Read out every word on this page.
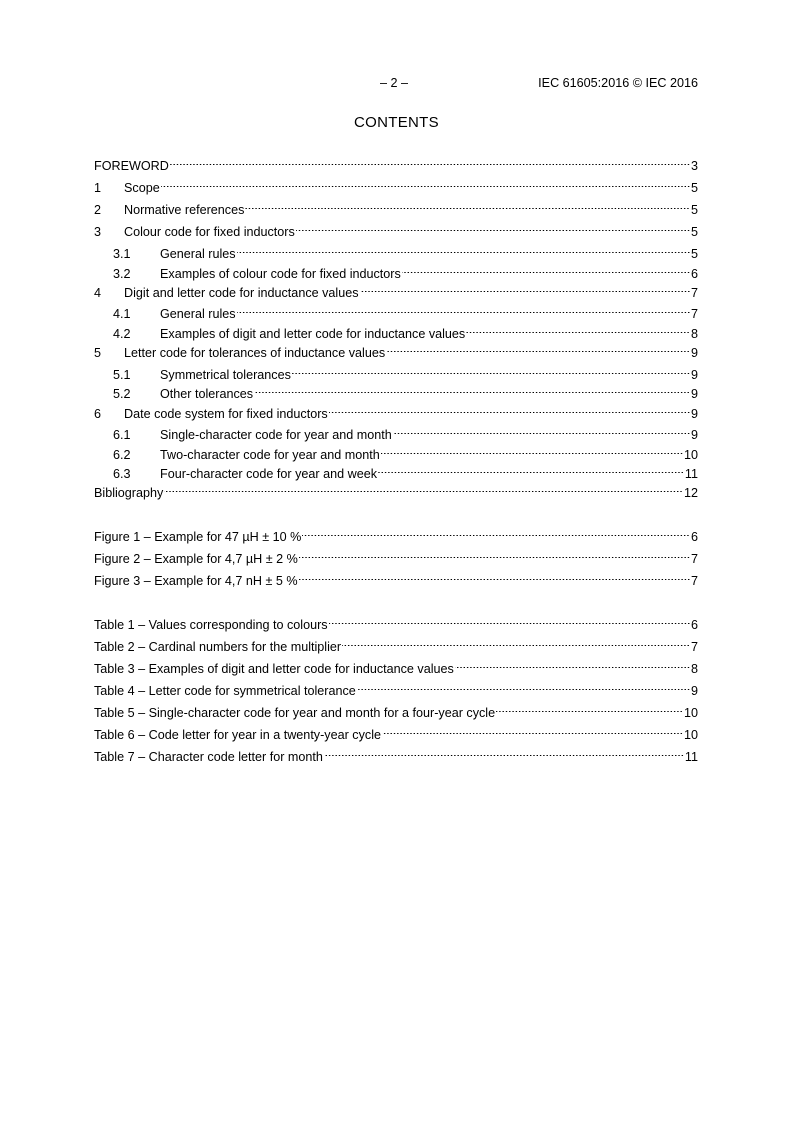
– 2 –	IEC 61605:2016 © IEC 2016
CONTENTS
FOREWORD	3
1	Scope	5
2	Normative references	5
3	Colour code for fixed inductors	5
3.1	General rules	5
3.2	Examples of colour code for fixed inductors	6
4	Digit and letter code for inductance values	7
4.1	General rules	7
4.2	Examples of digit and letter code for inductance values	8
5	Letter code for tolerances of inductance values	9
5.1	Symmetrical tolerances	9
5.2	Other tolerances	9
6	Date code system for fixed inductors	9
6.1	Single-character code for year and month	9
6.2	Two-character code for year and month	10
6.3	Four-character code for year and week	11
Bibliography	12
Figure 1 – Example for 47 µH ± 10 %	6
Figure 2 – Example for 4,7 µH ± 2 %	7
Figure 3 – Example for 4,7 nH ± 5 %	7
Table 1 – Values corresponding to colours	6
Table 2 – Cardinal numbers for the multiplier	7
Table 3 – Examples of digit and letter code for inductance values	8
Table 4 – Letter code for symmetrical tolerance	9
Table 5 – Single-character code for year and month for a four-year cycle	10
Table 6 – Code letter for year in a twenty-year cycle	10
Table 7 – Character code letter for month	11
